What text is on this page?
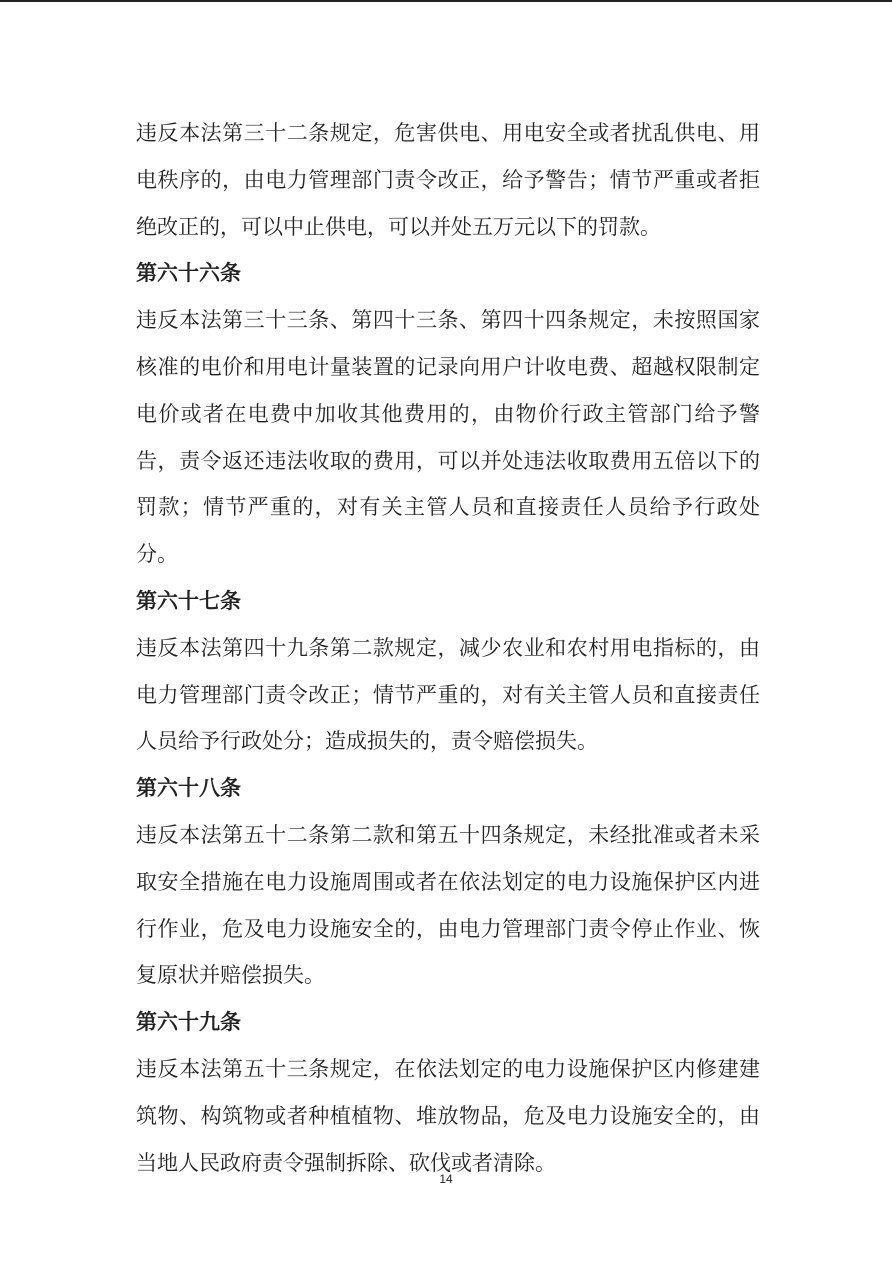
违反本法第三十二条规定，危害供电、用电安全或者扰乱供电、用电秩序的，由电力管理部门责令改正，给予警告；情节严重或者拒绝改正的，可以中止供电，可以并处五万元以下的罚款。

第六十六条

违反本法第三十三条、第四十三条、第四十四条规定，未按照国家核准的电价和用电计量装置的记录向用户计收电费、超越权限制定电价或者在电费中加收其他费用的，由物价行政主管部门给予警告，责令返还违法收取的费用，可以并处违法收取费用五倍以下的罚款；情节严重的，对有关主管人员和直接责任人员给予行政处分。

第六十七条

违反本法第四十九条第二款规定，减少农业和农村用电指标的，由电力管理部门责令改正；情节严重的，对有关主管人员和直接责任人员给予行政处分；造成损失的，责令赔偿损失。

第六十八条

违反本法第五十二条第二款和第五十四条规定，未经批准或者未采取安全措施在电力设施周围或者在依法划定的电力设施保护区内进行作业，危及电力设施安全的，由电力管理部门责令停止作业、恢复原状并赔偿损失。

第六十九条

违反本法第五十三条规定，在依法划定的电力设施保护区内修建建筑物、构筑物或者种植植物、堆放物品，危及电力设施安全的，由当地人民政府责令强制拆除、砍伐或者清除。

14
